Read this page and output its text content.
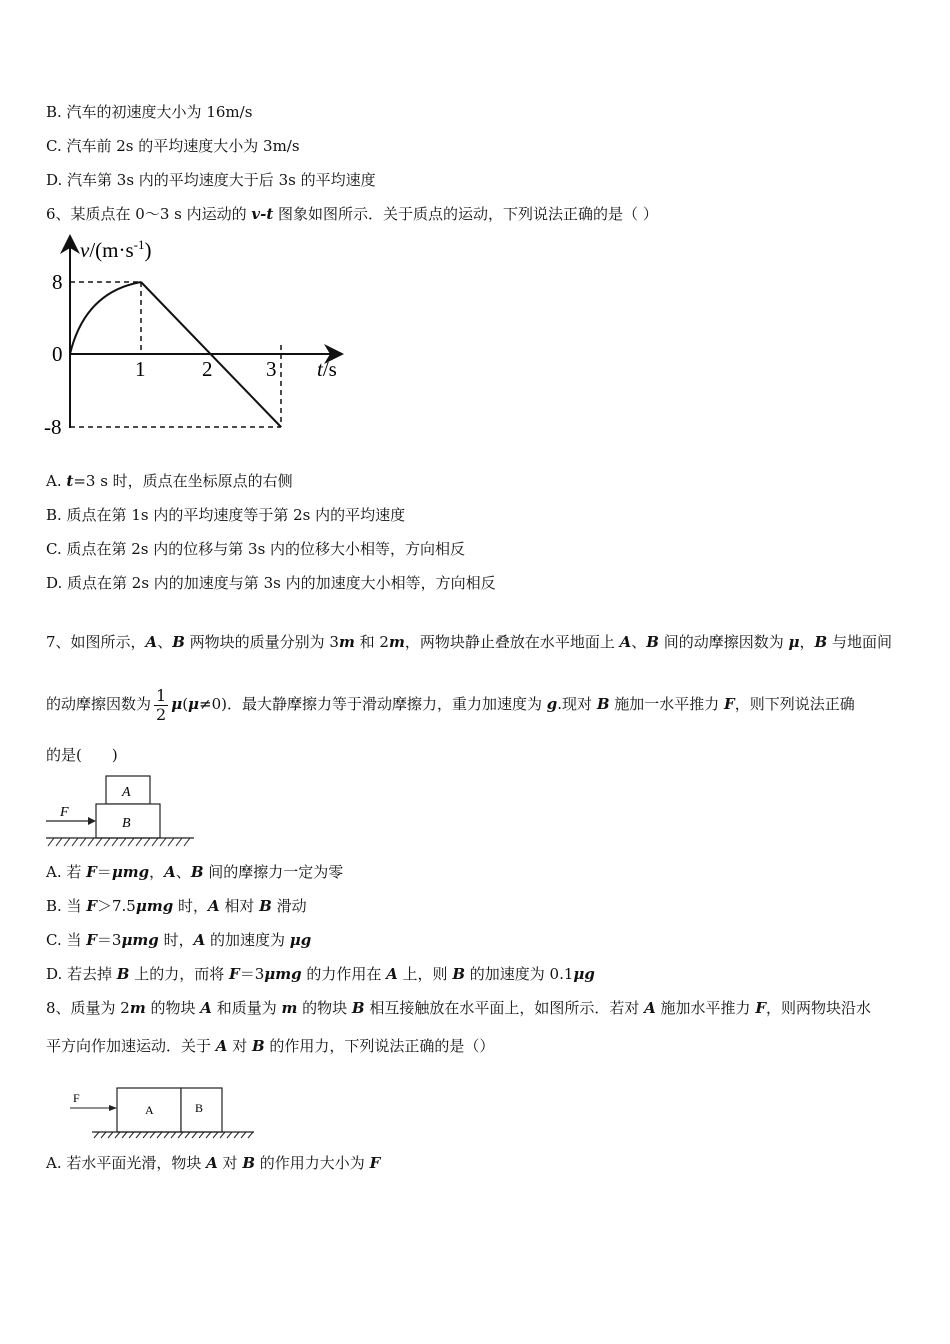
B. 汽车的初速度大小为 16m/s
C. 汽车前 2s 的平均速度大小为 3m/s
D. 汽车第 3s 内的平均速度大于后 3s 的平均速度
6、某质点在 0～3 s 内运动的 v-t 图象如图所示．关于质点的运动，下列说法正确的是（ ）
$v/(m\cdot s^{-1})$
8
0
-8
1	2	3 t/s
A. t=3 s 时，质点在坐标原点的右侧
B. 质点在第 1s 内的平均速度等于第 2s 内的平均速度
C. 质点在第 2s 内的位移与第 3s 内的位移大小相等，方向相反
D. 质点在第 2s 内的加速度与第 3s 内的加速度大小相等，方向相反
7、如图所示，A、B 两物块的质量分别为 3m 和 2m，两物块静止叠放在水平地面上 A、B 间的动摩擦因数为 μ，B 与地面间
的动摩擦因数为 $\frac{1}{2} \mu(\mu\ne 0)$．最大静摩擦力等于滑动摩擦力，重力加速度为 g.现对 B 施加一水平推力 F，则下列说法正确
的是(　　)
F
A
B
A. 若 F＝μmg，A、B 间的摩擦力一定为零
B. 当 F＞7.5μmg 时，A 相对 B 滑动
C. 当 F＝3μmg 时，A 的加速度为 μg
D. 若去掉 B 上的力，而将 F＝3μmg 的力作用在 A 上，则 B 的加速度为 0.1μg
8、质量为 2m 的物块 A 和质量为 m 的物块 B 相互接触放在水平面上，如图所示．若对 A 施加水平推力 F，则两物块沿水
平方向作加速运动．关于 A 对 B 的作用力，下列说法正确的是（）
F
A	B
A. 若水平面光滑，物块 A 对 B 的作用力大小为 F
